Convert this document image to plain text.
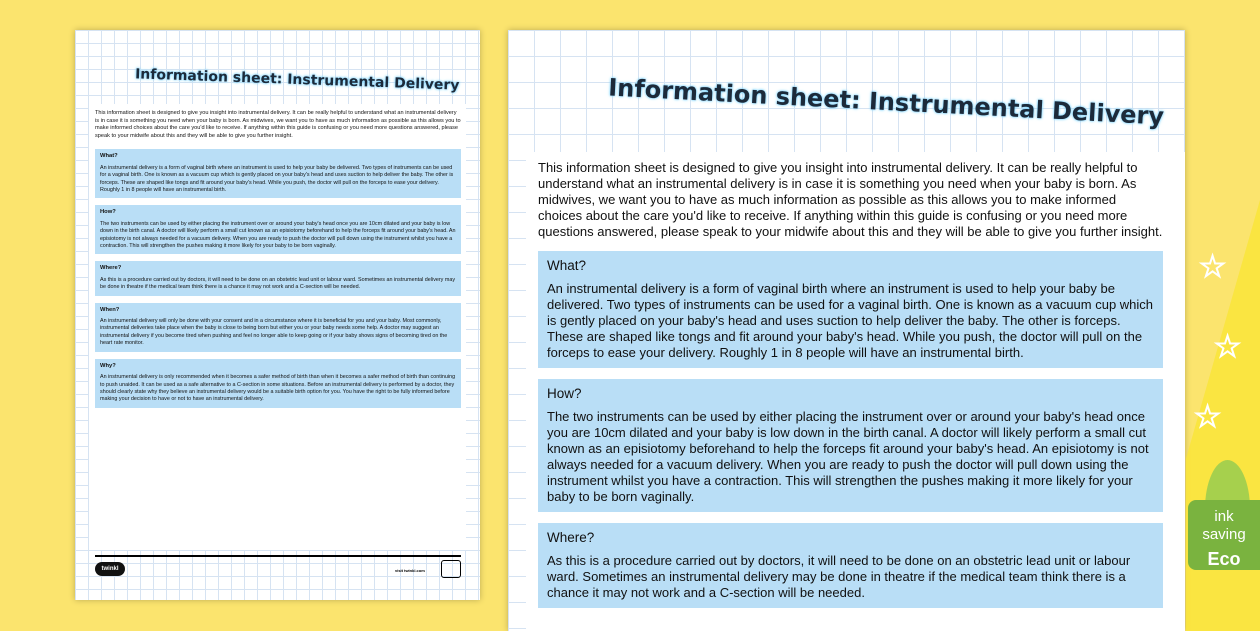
Information sheet: Instrumental Delivery
This information sheet is designed to give you insight into instrumental delivery. It can be really helpful to understand what an instrumental delivery is in case it is something you need when your baby is born. As midwives, we want you to have as much information as possible as this allows you to make informed choices about the care you'd like to receive. If anything within this guide is confusing or you need more questions answered, please speak to your midwife about this and they will be able to give you further insight.
What?

An instrumental delivery is a form of vaginal birth where an instrument is used to help your baby be delivered. Two types of instruments can be used for a vaginal birth. One is known as a vacuum cup which is gently placed on your baby's head and uses suction to help deliver the baby. The other is forceps. These are shaped like tongs and fit around your baby's head. While you push, the doctor will pull on the forceps to ease your delivery. Roughly 1 in 8 people will have an instrumental birth.

How?

The two instruments can be used by either placing the instrument over or around your baby's head once you are 10cm dilated and your baby is low down in the birth canal. A doctor will likely perform a small cut known as an episiotomy beforehand to help the forceps fit around your baby's head. An episiotomy is not always needed for a vacuum delivery. When you are ready to push the doctor will pull down using the instrument whilst you have a contraction. This will strengthen the pushes making it more likely for your baby to be born vaginally.

Where?

As this is a procedure carried out by doctors, it will need to be done on an obstetric lead unit or labour ward. Sometimes an instrumental delivery may be done in theatre if the medical team think there is a chance it may not work and a C-section will be needed.

When?

An instrumental delivery will only be done with your consent and in a circumstance where it is beneficial for you and your baby. Most commonly, instrumental deliveries take place when the baby is close to being born but either you or your baby needs some help. A doctor may suggest an instrumental delivery if you become tired when pushing and feel no longer able to keep going or if your baby shows signs of becoming tired on the heart rate monitor.

Why?

An instrumental delivery is only recommended when it becomes a safer method of birth than when it becomes a safer method of birth than continuing to push unaided. It can be used as a safe alternative to a C-section in some situations. Before an instrumental delivery is performed by a doctor, they should clearly state why they believe an instrumental delivery would be a suitable birth option for you. You have the right to be fully informed before making your decision to have or not to have an instrumental delivery.

twinkl	visit twinkl.com
Information sheet: Instrumental Delivery
This information sheet is designed to give you insight into instrumental delivery. It can be really helpful to understand what an instrumental delivery is in case it is something you need when your baby is born. As midwives, we want you to have as much information as possible as this allows you to make informed choices about the care you'd like to receive. If anything within this guide is confusing or you need more questions answered, please speak to your midwife about this and they will be able to give you further insight.
What?

An instrumental delivery is a form of vaginal birth where an instrument is used to help your baby be delivered. Two types of instruments can be used for a vaginal birth. One is known as a vacuum cup which is gently placed on your baby's head and uses suction to help deliver the baby. The other is forceps. These are shaped like tongs and fit around your baby's head. While you push, the doctor will pull on the forceps to ease your delivery. Roughly 1 in 8 people will have an instrumental birth.

How?

The two instruments can be used by either placing the instrument over or around your baby's head once you are 10cm dilated and your baby is low down in the birth canal. A doctor will likely perform a small cut known as an episiotomy beforehand to help the forceps fit around your baby's head. An episiotomy is not always needed for a vacuum delivery. When you are ready to push the doctor will pull down using the instrument whilst you have a contraction. This will strengthen the pushes making it more likely for your baby to be born vaginally.

Where?

As this is a procedure carried out by doctors, it will need to be done on an obstetric lead unit or labour ward. Sometimes an instrumental delivery may be done in theatre if the medical team think there is a chance it may not work and a C-section will be needed.

★
★
★
ink saving
Eco
